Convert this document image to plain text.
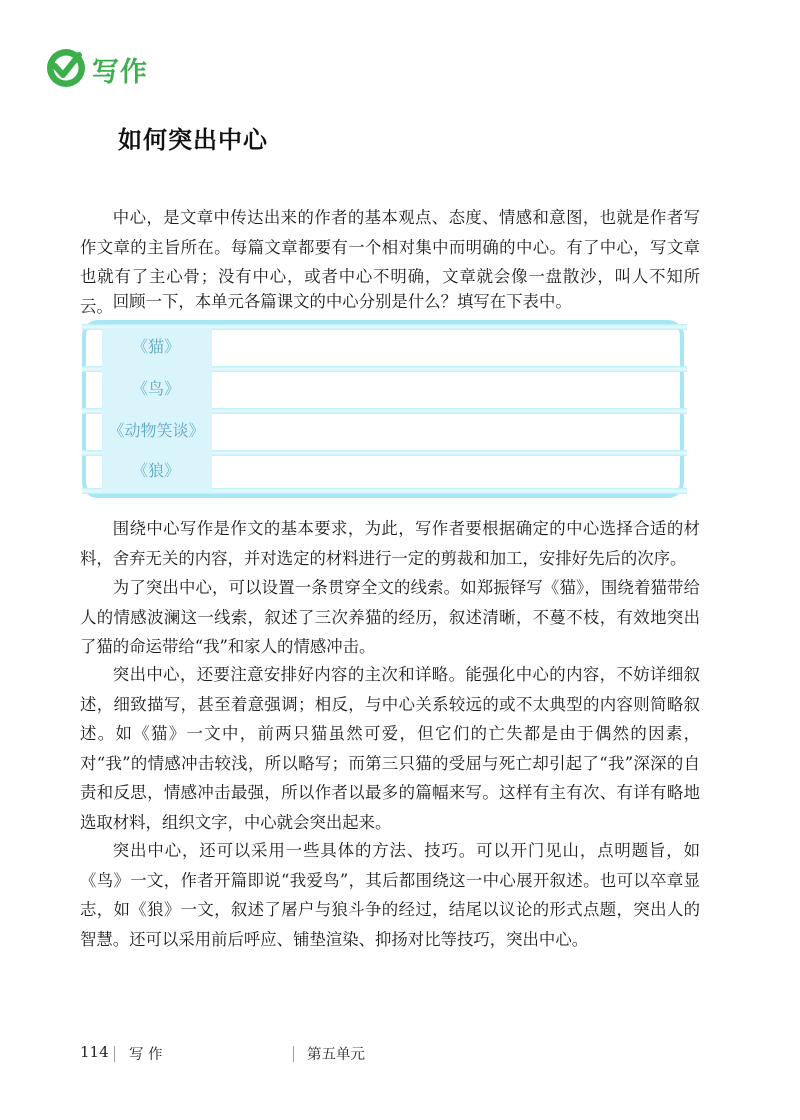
写作
如何突出中心

中心，是文章中传达出来的作者的基本观点、态度、情感和意图，也就是作者写作文章的主旨所在。每篇文章都要有一个相对集中而明确的中心。有了中心，写文章也就有了主心骨；没有中心，或者中心不明确，文章就会像一盘散沙，叫人不知所云。 回顾一下，本单元各篇课文的中心分别是什么？填写在下表中。

《猫》
《鸟》
《动物笑谈》
《狼》

围绕中心写作是作文的基本要求，为此，写作者要根据确定的中心选择合适的材料，舍弃无关的内容，并对选定的材料进行一定的剪裁和加工，安排好先后的次序。

为了突出中心，可以设置一条贯穿全文的线索。如郑振铎写《猫》，围绕着猫带给人的情感波澜这一线索，叙述了三次养猫的经历，叙述清晰，不蔓不枝，有效地突出了猫的命运带给“我”和家人的情感冲击。

突出中心，还要注意安排好内容的主次和详略。能强化中心的内容，不妨详细叙述，细致描写，甚至着意强调；相反，与中心关系较远的或不太典型的内容则简略叙述。如《猫》一文中，前两只猫虽然可爱，但它们的亡失都是由于偶然的因素，对“我”的情感冲击较浅，所以略写；而第三只猫的受屈与死亡却引起了“我”深深的自责和反思，情感冲击最强，所以作者以最多的篇幅来写。这样有主有次、有详有略地选取材料，组织文字，中心就会突出起来。

突出中心，还可以采用一些具体的方法、技巧。可以开门见山，点明题旨，如《鸟》一文，作者开篇即说“我爱鸟”，其后都围绕这一中心展开叙述。也可以卒章显志，如《狼》一文，叙述了屠户与狼斗争的经过，结尾以议论的形式点题，突出人的智慧。还可以采用前后呼应、铺垫渲染、抑扬对比等技巧，突出中心。

114 写 作	第五单元
